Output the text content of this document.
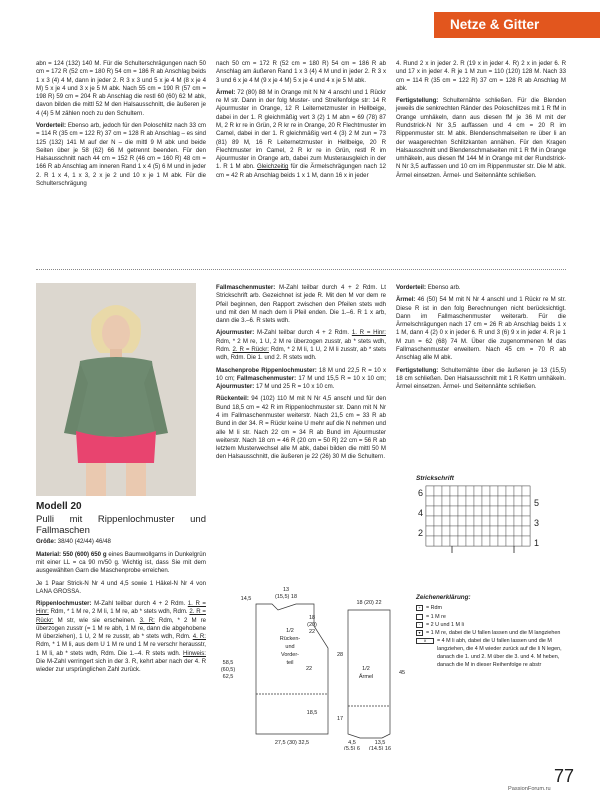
Netze & Gitter

abn = 124 (132) 140 M. Für die Schulterschrägungen nach 50 cm = 172 R (52 cm = 180 R) 54 cm = 186 R ab Anschlag beids 1 x 3 (4) 4 M, dann in jeder 2. R 3 x 3 und 5 x je 4 M (8 x je 4 M) 5 x je 4 und 3 x je 5 M abk. Nach 55 cm = 190 R (57 cm = 198 R) 59 cm = 204 R ab Anschlag die restl 60 (60) 62 M abk, davon bilden die mittl 52 M den Halsausschnitt, die äußeren je 4 (4) 5 M zählen noch zu den Schultern.

Vorderteil: Ebenso arb, jedoch für den Poloschlitz nach 33 cm = 114 R (35 cm = 122 R) 37 cm = 128 R ab Anschlag – es sind 125 (132) 141 M auf der N – die mittl 9 M abk und beide Seiten über je 58 (62) 66 M getrennt beenden. Für den Halsausschnitt nach 44 cm = 152 R (46 cm = 160 R) 48 cm = 166 R ab Anschlag am inneren Rand 1 x 4 (5) 6 M und in jeder 2. R 1 x 4, 1 x 3, 2 x je 2 und 10 x je 1 M abk. Für die Schulterschrägung

nach 50 cm = 172 R (52 cm = 180 R) 54 cm = 186 R ab Anschlag am äußeren Rand 1 x 3 (4) 4 M und in jeder 2. R 3 x 3 und 6 x je 4 M (9 x je 4 M) 5 x je 4 und 4 x je 5 M abk.

Ärmel: 72 (80) 88 M in Orange mit N Nr 4 anschl und 1 Rückr re M str. Dann in der folg Muster- und Streifenfolge str: 14 R Ajourmuster in Orange, 12 R Leiternetzmuster in Hellbeige, dabei in der 1. R gleichmäßig vert 3 (2) 1 M abn = 69 (78) 87 M, 2 R kr re in Grün, 2 R kr re in Orange, 20 R Flechtmuster im Camel, dabei in der 1. R gleichmäßig vert 4 (3) 2 M zun = 73 (81) 89 M, 16 R Leiternetzmuster in Hellbeige, 20 R Flechtmuster im Camel, 2 R kr re in Grün, restl R im Ajourmuster in Orange arb, dabei zum Musterausgleich in der 1. R 1 M abn. Gleichzeitig für die Ärmelschrägungen nach 12 cm = 42 R ab Anschlag beids 1 x 1 M, dann 16 x in jeder

4. Rund 2 x in jeder 2. R (19 x in jeder 4. R) 2 x in jeder 6. R und 17 x in jeder 4. R je 1 M zun = 110 (120) 128 M. Nach 33 cm = 114 R (35 cm = 122 R) 37 cm = 128 R ab Anschlag M abk.

Fertigstellung: Schulternähte schließen. Für die Blenden jeweils die senkrechten Ränder des Poloschlitzes mit 1 R fM in Orange umhäkeln, dann aus diesen fM je 36 M mit der Rundstrick-N Nr 3,5 auffassen und 4 cm = 20 R im Rippenmuster str. M abk. Blendenschmalseiten re über li an der waagerechten Schlitzkanten annähen. Für den Kragen Halsausschnitt und Blendenschmalseiten mit 1 R fM in Orange umhäkeln, aus diesen fM 144 M in Orange mit der Rundstrick-N Nr 3,5 auffassen und 10 cm im Rippenmuster str. Die M abk. Ärmel einsetzen. Ärmel- und Seitennähte schließen.

Modell 20
Pulli mit Rippenlochmuster und Fallmaschen

Größe: 38/40 (42/44) 46/48

Material: 550 (600) 650 g eines Baumwollgarns in Dunkelgrün mit einer LL = ca 90 m/50 g. Wichtig ist, dass Sie mit dem ausgewählten Garn die Maschenprobe erreichen.

Je 1 Paar Strick-N Nr 4 und 4,5 sowie 1 Häkel-N Nr 4 von LANA GROSSA.

Rippenlochmuster: M-Zahl teilbar durch 4 + 2 Rdm. 1. R = Hinr: Rdm, * 1 M re, 2 M li, 1 M re, ab * stets wdh, Rdm. 2. R = Rückr: M str, wie sie erscheinen. 3. R: Rdm, * 2 M re überzogen zusstr (= 1 M re abh, 1 M re, dann die abgehobene M überziehen), 1 U, 2 M re zusstr, ab * stets wdh, Rdm. 4. R: Rdm, * 1 M li, aus dem U 1 M re und 1 M re verschr herausstr, 1 M li, ab * stets wdh, Rdm. Die 1.–4. R stets wdh. Hinweis: Die M-Zahl verringert sich in der 3. R, kehrt aber nach der 4. R wieder zur ursprünglichen Zahl zurück.

Fallmaschenmuster: M-Zahl teilbar durch 4 + 2 Rdm. Lt Strickschrift arb. Gezeichnet ist jede R. Mit den M vor dem re Pfeil beginnen, den Rapport zwischen den Pfeilen stets wdh und mit den M nach dem li Pfeil enden. Die 1.–6. R 1 x arb, dann die 3.–6. R stets wdh.

Ajourmuster: M-Zahl teilbar durch 4 + 2 Rdm. 1. R = Hinr: Rdm, * 2 M re, 1 U, 2 M re überzogen zusstr, ab * stets wdh, Rdm. 2. R = Rückr: Rdm, * 2 M li, 1 U, 2 M li zusstr, ab * stets wdh, Rdm. Die 1. und 2. R stets wdh.

Maschenprobe Rippenlochmuster: 18 M und 22,5 R = 10 x 10 cm; Fallmaschenmuster: 17 M und 15,5 R = 10 x 10 cm; Ajourmuster: 17 M und 25 R = 10 x 10 cm.

Rückenteil: 94 (102) 110 M mit N Nr 4,5 anschl und für den Bund 18,5 cm = 42 R im Rippenlochmuster str. Dann mit N Nr 4 im Fallmaschenmuster weiterstr. Nach 21,5 cm = 33 R ab Bund in der 34. R = Rückr keine U mehr auf die N nehmen und alle M li str. Nach 22 cm = 34 R ab Bund im Ajourmuster weiterstr. Nach 18 cm = 46 R (20 cm = 50 R) 22 cm = 56 R ab letztem Musterwechsel alle M abk, dabei bilden die mittl 50 M den Halsausschnitt, die äußeren je 22 (26) 30 M die Schultern.

Vorderteil: Ebenso arb.

Ärmel: 46 (50) 54 M mit N Nr 4 anschl und 1 Rückr re M str. Diese R ist in den folg Berechnungen nicht berücksichtigt. Dann im Fallmaschenmuster weiterarb. Für die Ärmelschrägungen nach 17 cm = 26 R ab Anschlag beids 1 x 1 M, dann 4 (2) 0 x in jeder 6. R und 3 (6) 9 x in jeder 4. R je 1 M zun = 62 (68) 74 M. Über die zugenommenen M das Fallmaschenmuster erweitern. Nach 45 cm = 70 R ab Anschlag alle M abk.

Fertigstellung: Schulternähte über die äußeren je 13 (15,5) 18 cm schließen. Den Halsausschnitt mit 1 R Kettm umhäkeln. Ärmel einsetzen. Ärmel- und Seitennähte schließen.

Strickschrift
6
5
4
3
2
1
Zeichenerklärung:
+ = Rdm
= 1 M re
·	= 2 U und 1 M li
▾	= 1 M re, dabei die U fallen lassen und die M langziehen
⨯	= 4 M li abh, dabei die U fallen lassen und die M langziehen, die 4 M wieder zurück auf die li N legen, danach die 1. und 2. M über die 3. und 4. M heben, danach die M in dieser Reihenfolge re abstr
1/2
Rücken-
und
Vorder-
teil
14,5
13
(15,5) 18
18
(20)
22
22
18,5
58,5
(60,5)
62,5
27,5 (30) 32,5
1/2
Ärmel
18 (20) 22
28
17
45
4,5
(5,5) 6
13,5
(14,5) 16
77
PassionForum.ru
